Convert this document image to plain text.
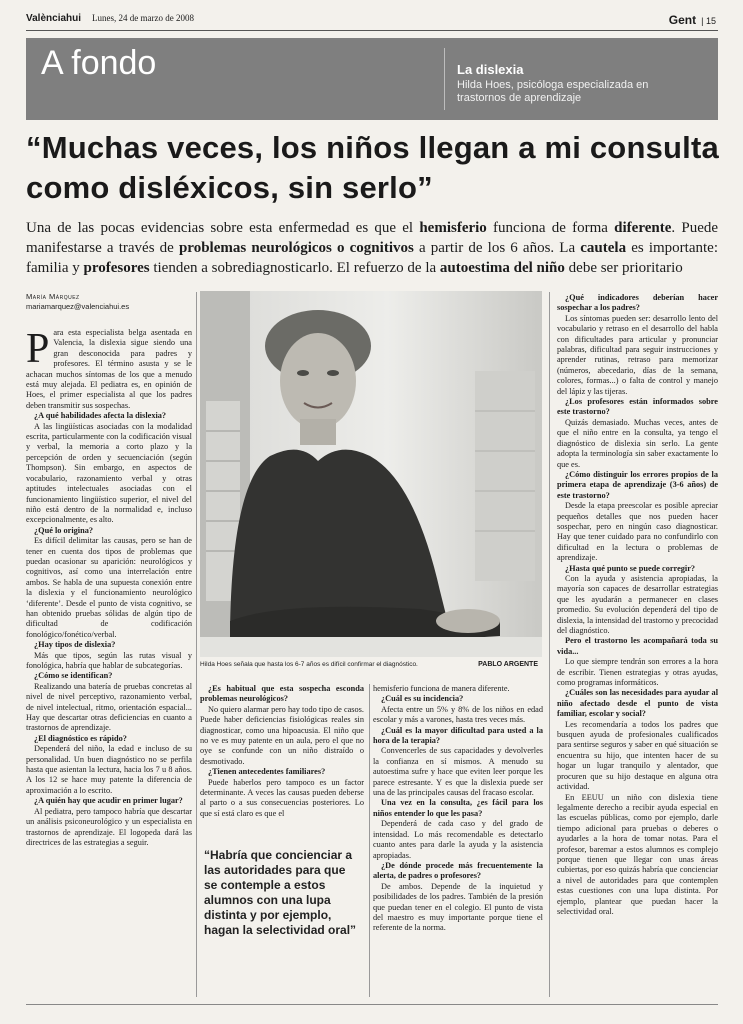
Valènciahui Lunes, 24 de marzo de 2008	Gent | 15
A fondo	La dislexia
Hilda Hoes, psicóloga especializada en trastornos de aprendizaje
“Muchas veces, los niños llegan a mi consulta como disléxicos, sin serlo”
Una de las pocas evidencias sobre esta enfermedad es que el hemisferio funciona de forma diferente. Puede manifestarse a través de problemas neurológicos o cognitivos a partir de los 6 años. La cautela es importante: familia y profesores tienden a sobrediagnosticarlo. El refuerzo de la autoestima del niño debe ser prioritario
María Márquez
mariamarquez@valenciahui.es
Hilda Hoes señala que hasta los 6-7 años es difícil confirmar el diagnóstico.	PABLO ARGENTE

Para esta especialista belga asentada en Valencia, la dislexia sigue siendo una gran desconocida para padres y profesores. El término asusta y se le achacan muchos síntomas de los que a menudo está muy alejada. El pediatra es, en opinión de Hoes, el primer especialista al que los padres deben transmitir sus sospechas.

¿A qué habilidades afecta la dislexia?

A las lingüísticas asociadas con la modalidad escrita, particularmente con la codificación visual y verbal, la memoria a corto plazo y la percepción de orden y secuenciación (según Thompson). Sin embargo, en aspectos de vocabulario, razonamiento verbal y otras aptitudes intelectuales asociadas con el funcionamiento lingüístico superior, el nivel del niño está dentro de la normalidad e, incluso excepcionalmente, es alto.

¿Qué lo origina?

Es difícil delimitar las causas, pero se han de tener en cuenta dos tipos de problemas que puedan ocasionar su aparición: neurológicos y cognitivos, así como una interrelación entre ambos. Se habla de una supuesta conexión entre la dislexia y el funcionamiento neurológico ‘diferente’. Desde el punto de vista cognitivo, se han obtenido pruebas sólidas de algún tipo de dificultad de codificación fonológico/fonético/verbal.

¿Hay tipos de dislexia?

Más que tipos, según las rutas visual y fonológica, habría que hablar de subcategorías.

¿Cómo se identifican?

Realizando una batería de pruebas concretas al nivel de nivel perceptivo, razonamiento verbal, de nivel intelectual, ritmo, orientación espacial... Hay que descartar otras deficiencias en cuanto a trastornos de aprendizaje.

¿El diagnóstico es rápido?

Dependerá del niño, la edad e incluso de su personalidad. Un buen diagnóstico no se perfila hasta que asientan la lectura, hacia los 7 u 8 años. A los 12 se hace muy patente la diferencia de aproximación a lo escrito.

¿A quién hay que acudir en primer lugar?

Al pediatra, pero tampoco habría que descartar un análisis psiconeurológico y un especialista en trastornos de aprendizaje. El logopeda dará las directrices de las estrategias a seguir.

¿Es habitual que esta sospecha esconda problemas neurológicos?

No quiero alarmar pero hay todo tipo de casos. Puede haber deficiencias fisiológicas reales sin diagnosticar, como una hipoacusia. El niño que no ve es muy patente en un aula, pero el que no oye se confunde con un niño distraído o desmotivado.

¿Tienen antecedentes familiares?

Puede haberlos pero tampoco es un factor determinante. A veces las causas pueden deberse al parto o a sus consecuencias posteriores. Lo que sí está claro es que el

“Habría que concienciar a las autoridades para que se contemple a estos alumnos con una lupa distinta y por ejemplo, hagan la selectividad oral”

hemisferio funciona de manera diferente.

¿Cuál es su incidencia?

Afecta entre un 5% y 8% de los niños en edad escolar y más a varones, hasta tres veces más.

¿Cuál es la mayor dificultad para usted a la hora de la terapia?

Convencerles de sus capacidades y devolverles la confianza en sí mismos. A menudo su autoestima sufre y hace que eviten leer porque les parece estresante. Y es que la dislexia puede ser una de las principales causas del fracaso escolar.

Una vez en la consulta, ¿es fácil para los niños entender lo que les pasa?

Dependerá de cada caso y del grado de intensidad. Lo más recomendable es detectarlo cuanto antes para darle la ayuda y la asistencia apropiadas.

¿De dónde procede más frecuentemente la alerta, de padres o profesores?

De ambos. Depende de la inquietud y posibilidades de los padres. También de la presión que puedan tener en el colegio. El punto de vista del maestro es muy importante porque tiene el referente de la norma.

¿Qué indicadores deberían hacer sospechar a los padres?

Los síntomas pueden ser: desarrollo lento del vocabulario y retraso en el desarrollo del habla con dificultades para articular y pronunciar palabras, dificultad para seguir instrucciones y aprender rutinas, retraso para memorizar (números, abecedario, días de la semana, colores, formas...) o falta de control y manejo del lápiz y las tijeras.

¿Los profesores están informados sobre este trastorno?

Quizás demasiado. Muchas veces, antes de que el niño entre en la consulta, ya tengo el diagnóstico de dislexia sin serlo. La gente adopta la terminología sin saber exactamente lo que es.

¿Cómo distinguir los errores propios de la primera etapa de aprendizaje (3-6 años) de este trastorno?

Desde la etapa preescolar es posible apreciar pequeños detalles que nos pueden hacer sospechar, pero en ningún caso diagnosticar. Hay que tener cuidado para no confundirlo con dificultad en la lectura o problemas de aprendizaje.

¿Hasta qué punto se puede corregir?

Con la ayuda y asistencia apropiadas, la mayoría son capaces de desarrollar estrategias que les ayudarán a permanecer en clases promedio. Su evolución dependerá del tipo de dislexia, la intensidad del trastorno y precocidad del diagnóstico.

Pero el trastorno les acompañará toda su vida...

Lo que siempre tendrán son errores a la hora de escribir. Tienen estrategias y otras ayudas, como programas informáticos.

¿Cuáles son las necesidades para ayudar al niño afectado desde el punto de vista familiar, escolar y social?

Les recomendaría a todos los padres que busquen ayuda de profesionales cualificados para sentirse seguros y saber en qué situación se encuentra su hijo, que intenten hacer de su hogar un lugar tranquilo y alentador, que procuren que su hijo destaque en alguna otra actividad.

En EEUU un niño con dislexia tiene legalmente derecho a recibir ayuda especial en las escuelas públicas, como por ejemplo, darle tiempo adicional para pruebas o deberes o ayudarles a la hora de tomar notas. Para el profesor, baremar a estos alumnos es complejo porque tienen que llegar con unas áreas cubiertas, por eso quizás habría que concienciar a nivel de autoridades para que contemplen estas cuestiones con una lupa distinta. Por ejemplo, plantear que puedan hacer la selectividad oral.
